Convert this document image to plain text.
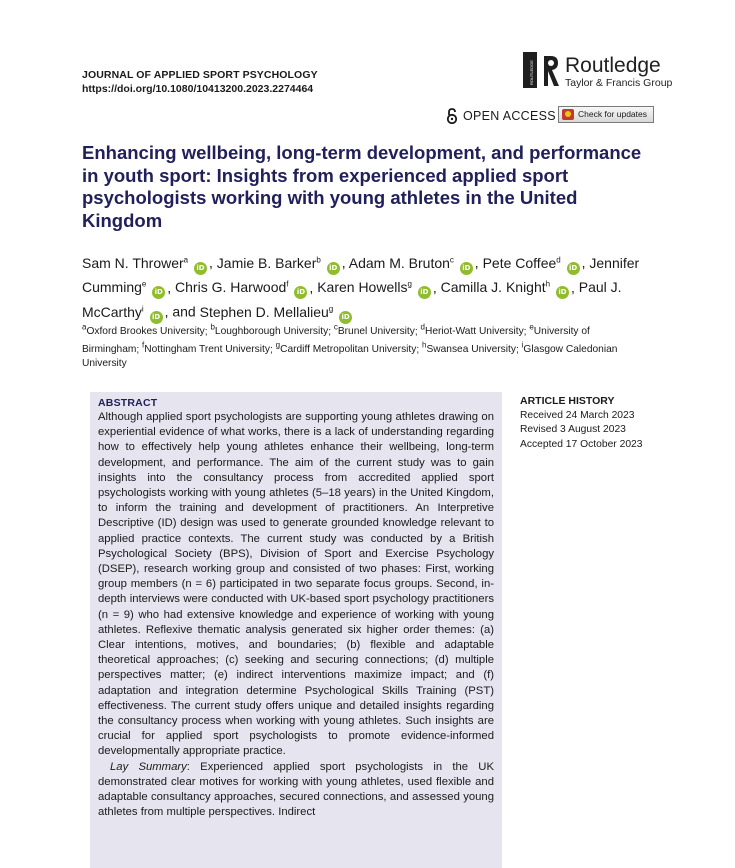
JOURNAL OF APPLIED SPORT PSYCHOLOGY
https://doi.org/10.1080/10413200.2023.2274464
ROUTLEDGE Routledge
Taylor & Francis Group
OPEN ACCESS	Check for updates
Enhancing wellbeing, long-term development, and performance in youth sport: Insights from experienced applied sport psychologists working with young athletes in the United Kingdom
Sam N. Thrower$^a$ iD , Jamie B. Barker$^b$ iD , Adam M. Bruton$^c$ iD , Pete Coffee$^d$ iD , Jennifer Cumming$^e$ iD , Chris G. Harwood$^f$ iD , Karen Howells$^g$ iD , Camilla J. Knight$^h$ iD , Paul J. McCarthy$^i$ iD , and Stephen D. Mellalieu$^g$ iD
$^a$Oxford Brookes University; $^b$Loughborough University; $^c$Brunel University; $^d$Heriot-Watt University; $^e$University of Birmingham; $^f$Nottingham Trent University; $^g$Cardiff Metropolitan University; $^h$Swansea University; $^i$Glasgow Caledonian University
ABSTRACT

Although applied sport psychologists are supporting young athletes drawing on experiential evidence of what works, there is a lack of understanding regarding how to effectively help young athletes enhance their wellbeing, long-term development, and performance. The aim of the current study was to gain insights into the consultancy process from accredited applied sport psychologists working with young athletes (5–18 years) in the United Kingdom, to inform the training and development of practitioners. An Interpretive Descriptive (ID) design was used to generate grounded knowledge relevant to applied practice contexts. The current study was conducted by a British Psychological Society (BPS), Division of Sport and Exercise Psychology (DSEP), research working group and consisted of two phases: First, working group members (n = 6) participated in two separate focus groups. Second, in-depth interviews were conducted with UK-based sport psychology practitioners (n = 9) who had extensive knowledge and experience of working with young athletes. Reflexive thematic analysis generated six higher order themes: (a) Clear intentions, motives, and boundaries; (b) flexible and adaptable theoretical approaches; (c) seeking and securing connections; (d) multiple perspectives matter; (e) indirect interventions maximize impact; and (f) adaptation and integration determine Psychological Skills Training (PST) effectiveness. The current study offers unique and detailed insights regarding the consultancy process when working with young athletes. Such insights are crucial for applied sport psychologists to promote evidence-informed developmentally appropriate practice.

Lay Summary: Experienced applied sport psychologists in the UK demonstrated clear motives for working with young athletes, used flexible and adaptable consultancy approaches, secured connections, and assessed young athletes from multiple perspectives. Indirect

ARTICLE HISTORY
Received 24 March 2023
Revised 3 August 2023
Accepted 17 October 2023
